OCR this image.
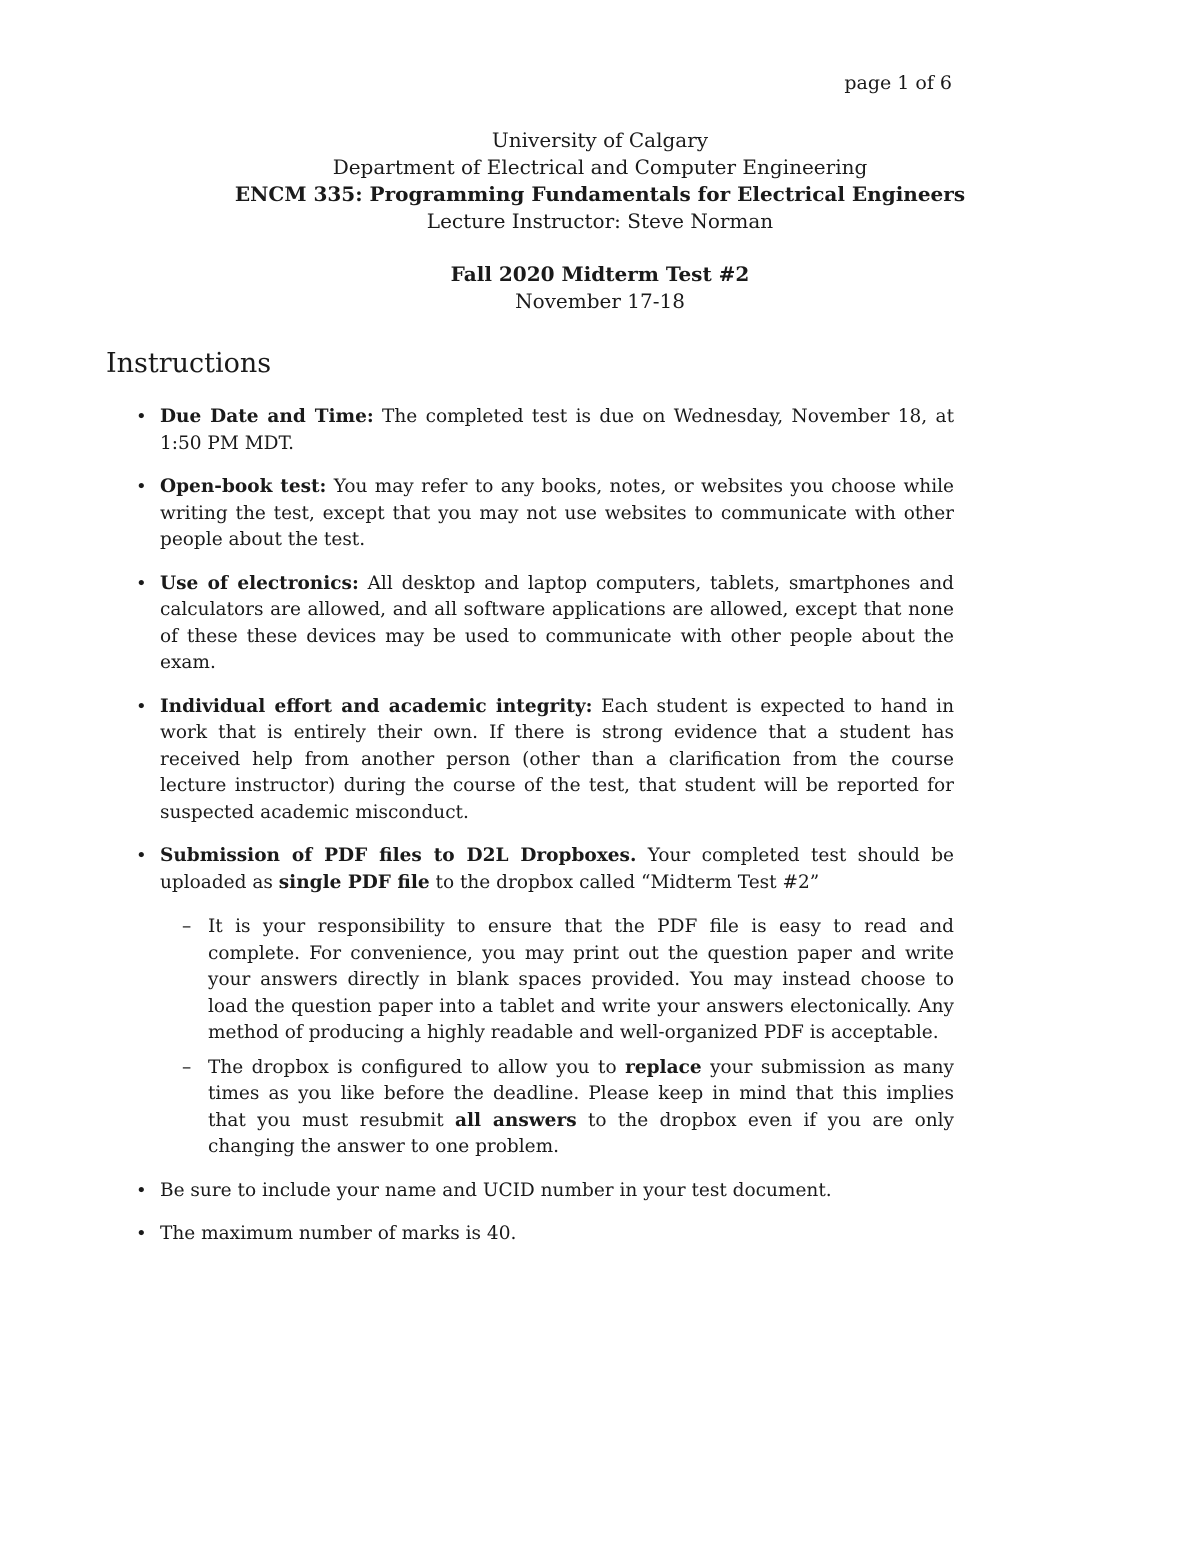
page 1 of 6
University of Calgary
Department of Electrical and Computer Engineering
ENCM 335: Programming Fundamentals for Electrical Engineers
Lecture Instructor: Steve Norman
Fall 2020 Midterm Test #2
November 17-18
Instructions
• Due Date and Time: The completed test is due on Wednesday, November 18, at 1:50 PM MDT.
• Open-book test: You may refer to any books, notes, or websites you choose while writing the test, except that you may not use websites to communicate with other people about the test.
• Use of electronics: All desktop and laptop computers, tablets, smartphones and calculators are allowed, and all software applications are allowed, except that none of these these devices may be used to communicate with other people about the exam.
• Individual effort and academic integrity: Each student is expected to hand in work that is entirely their own. If there is strong evidence that a student has received help from another person (other than a clarification from the course lecture instructor) during the course of the test, that student will be reported for suspected academic misconduct.
• Submission of PDF files to D2L Dropboxes. Your completed test should be uploaded as single PDF file to the dropbox called “Midterm Test #2”
– It is your responsibility to ensure that the PDF file is easy to read and complete. For convenience, you may print out the question paper and write your answers directly in blank spaces provided. You may instead choose to load the question paper into a tablet and write your answers electonically. Any method of producing a highly readable and well-organized PDF is acceptable.
– The dropbox is configured to allow you to replace your submission as many times as you like before the deadline. Please keep in mind that this implies that you must resubmit all answers to the dropbox even if you are only changing the answer to one problem.
• Be sure to include your name and UCID number in your test document.
• The maximum number of marks is 40.
